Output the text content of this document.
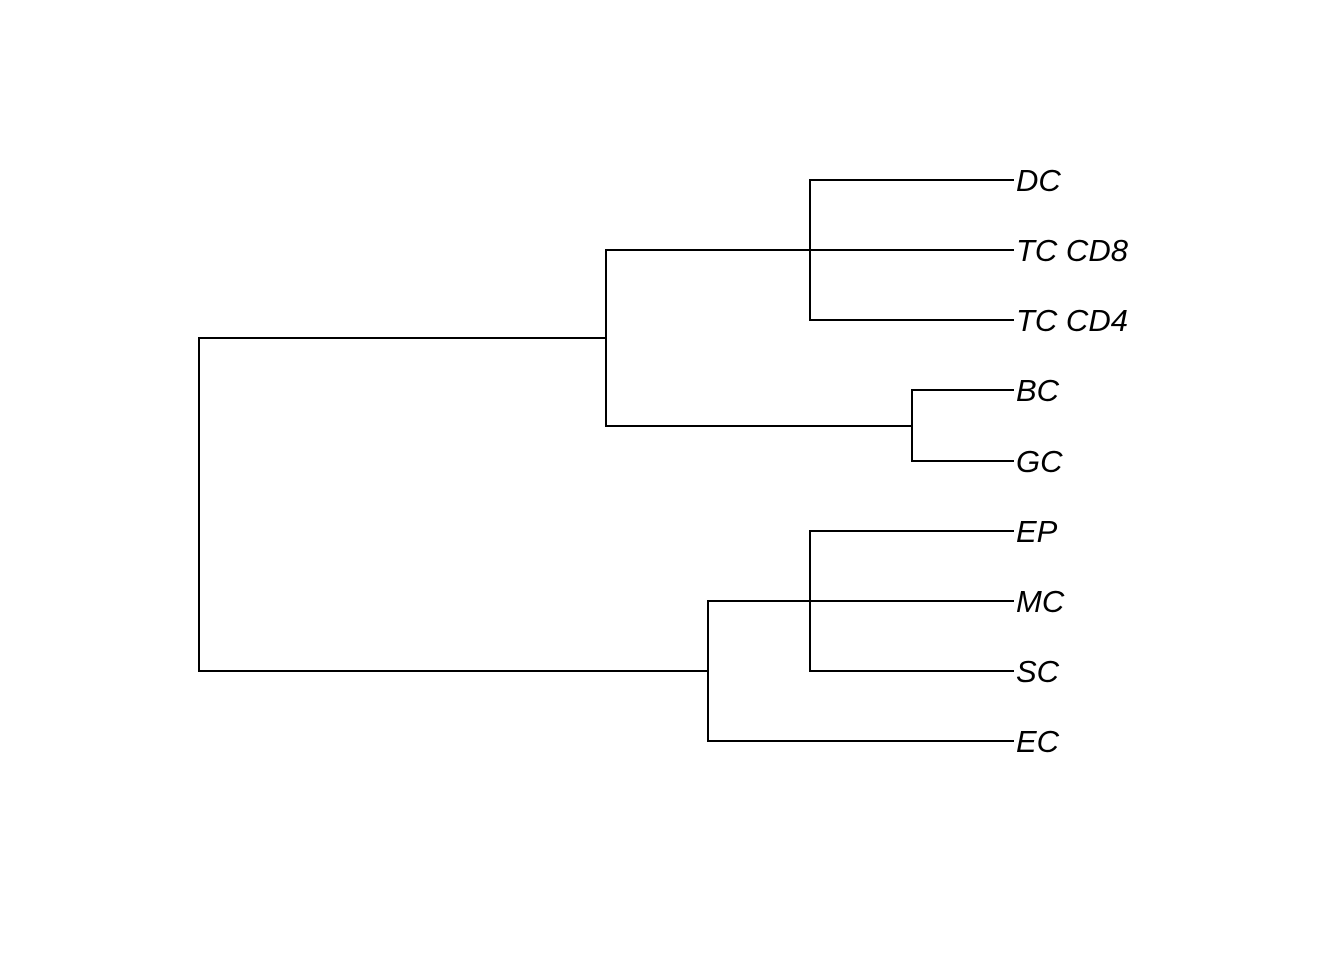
DC
TC CD8
TC CD4
BC
GC
EP
MC
SC
EC
